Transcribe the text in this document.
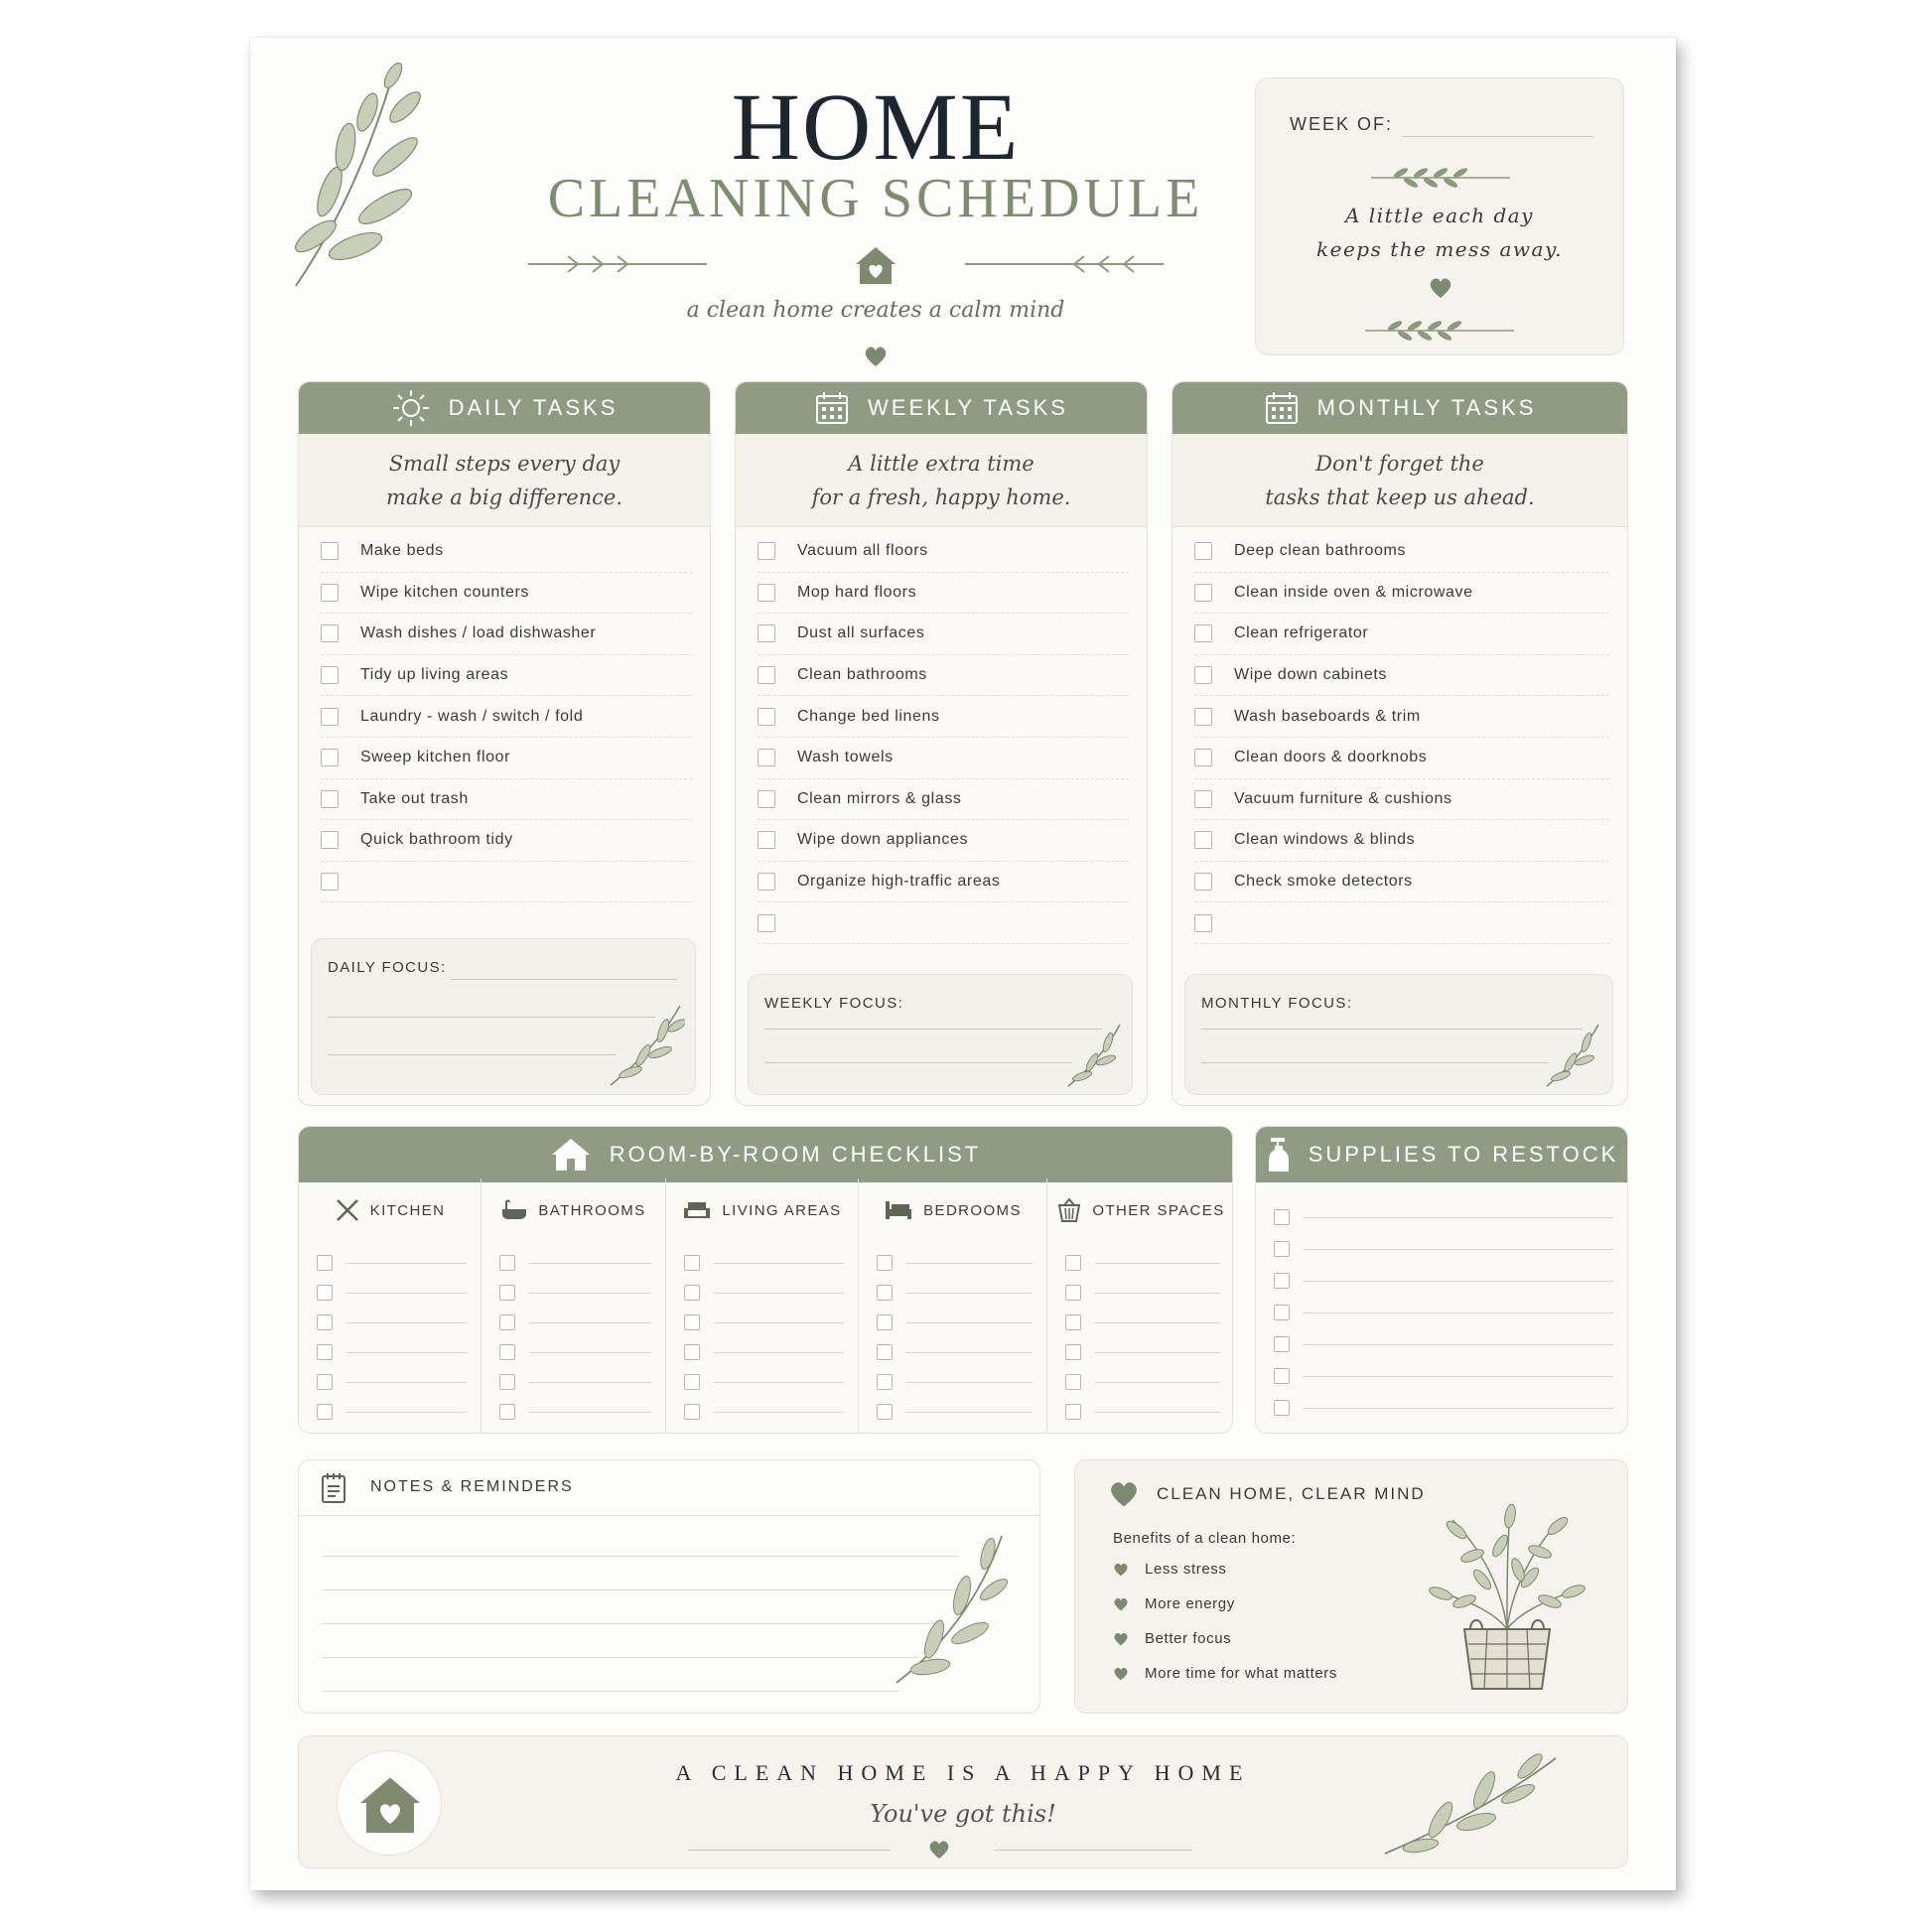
HOME
CLEANING SCHEDULE
a clean home creates a calm mind
WEEK OF:
A little each day
keeps the mess away.
DAILY TASKS
Small steps every day
make a big difference.
Make beds
Wipe kitchen counters
Wash dishes / load dishwasher
Tidy up living areas
Laundry - wash / switch / fold
Sweep kitchen floor
Take out trash
Quick bathroom tidy
DAILY FOCUS:
WEEKLY TASKS
A little extra time
for a fresh, happy home.
Vacuum all floors
Mop hard floors
Dust all surfaces
Clean bathrooms
Change bed linens
Wash towels
Clean mirrors & glass
Wipe down appliances
Organize high-traffic areas
WEEKLY FOCUS:
MONTHLY TASKS
Don't forget the
tasks that keep us ahead.
Deep clean bathrooms
Clean inside oven & microwave
Clean refrigerator
Wipe down cabinets
Wash baseboards & trim
Clean doors & doorknobs
Vacuum furniture & cushions
Clean windows & blinds
Check smoke detectors
MONTHLY FOCUS:
ROOM-BY-ROOM CHECKLIST
KITCHEN	BATHROOMS	LIVING AREAS	BEDROOMS	OTHER SPACES
SUPPLIES TO RESTOCK
NOTES & REMINDERS	CLEAN HOME, CLEAR MIND
Benefits of a clean home:
Less stress
More energy
Better focus
More time for what matters
A CLEAN HOME IS A HAPPY HOME
You've got this!
